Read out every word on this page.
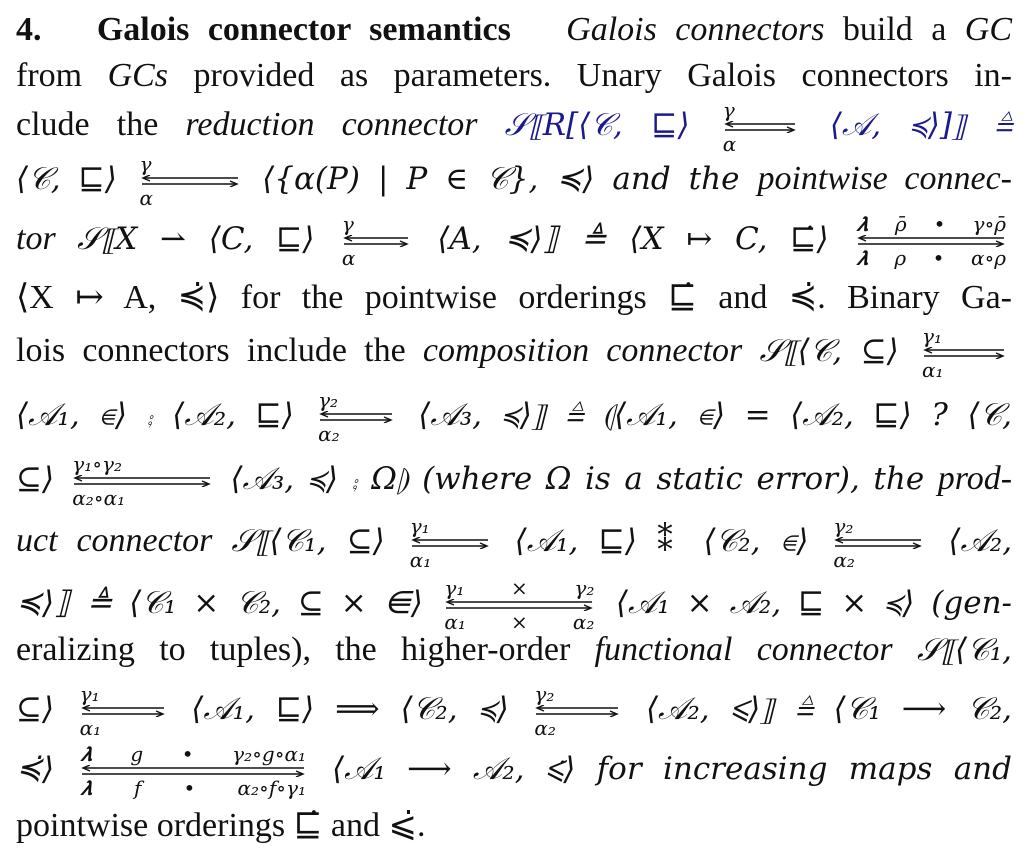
4. Galois connector semantics Galois connectors build a GC
from GCs provided as parameters. Unary Galois connectors in-
clude the reduction connector 𝒮⟦R[⟨𝒞, ⊑⟩ γ
α
⟨𝒜, ≼⟩]⟧ ≜
⟨𝒞, ⊑⟩ γ
α
⟨{α(P) | P ∈ 𝒞}, ≼⟩ and the pointwise connec-
tor 𝒮⟦X ⇀ ⟨C, ⊑⟩ γ
α
⟨A, ≼⟩⟧ ≜ ⟨X ↦ C, ⊑̇⟩ 𝝀 ρ̄ • γ∘ρ̄
𝝀 ρ • α∘ρ
⟨X ↦ A, ≼̇⟩ for the pointwise orderings ⊑̇ and ≼̇. Binary Ga-
lois connectors include the composition connector 𝒮⟦⟨𝒞, ⊆⟩ γ₁
α₁
⟨𝒜₁, ⋹⟩ ⨾ ⟨𝒜₂, ⊑⟩ γ₂
α₂
⟨𝒜₃, ≼⟩⟧ ≜ ⦇⟨𝒜₁, ⋹⟩ = ⟨𝒜₂, ⊑⟩ ? ⟨𝒞,
⊆⟩ γ₁∘γ₂
α₂∘α₁
⟨𝒜₃, ≼⟩ ⨾ Ω⦈ (where Ω is a static error), the prod-
uct connector 𝒮⟦⟨𝒞₁, ⊆⟩ γ₁
α₁
⟨𝒜₁, ⊑⟩ ⁑ ⟨𝒞₂, ⋹⟩ γ₂
α₂
⟨𝒜₂,
≼⟩⟧ ≜ ⟨𝒞₁ × 𝒞₂, ⊆ × ⋹⟩ γ₁ × γ₂
α₁ × α₂
⟨𝒜₁ × 𝒜₂, ⊑ × ≼⟩ (gen-
eralizing to tuples), the higher-order functional connector 𝒮⟦⟨𝒞₁,
⊆⟩ γ₁
α₁
⟨𝒜₁, ⊑⟩ ⟹ ⟨𝒞₂, ≼⟩ γ₂
α₂
⟨𝒜₂, ⩽⟩⟧ ≜ ⟨𝒞₁ ⟶ 𝒞₂,
≼̇⟩ 𝝀 g • γ₂∘g∘α₁
𝝀 f • α₂∘f∘γ₁
⟨𝒜₁ ⟶ 𝒜₂, ⩽̇⟩ for increasing maps and
pointwise orderings ⊑̇ and ⩽̇.
